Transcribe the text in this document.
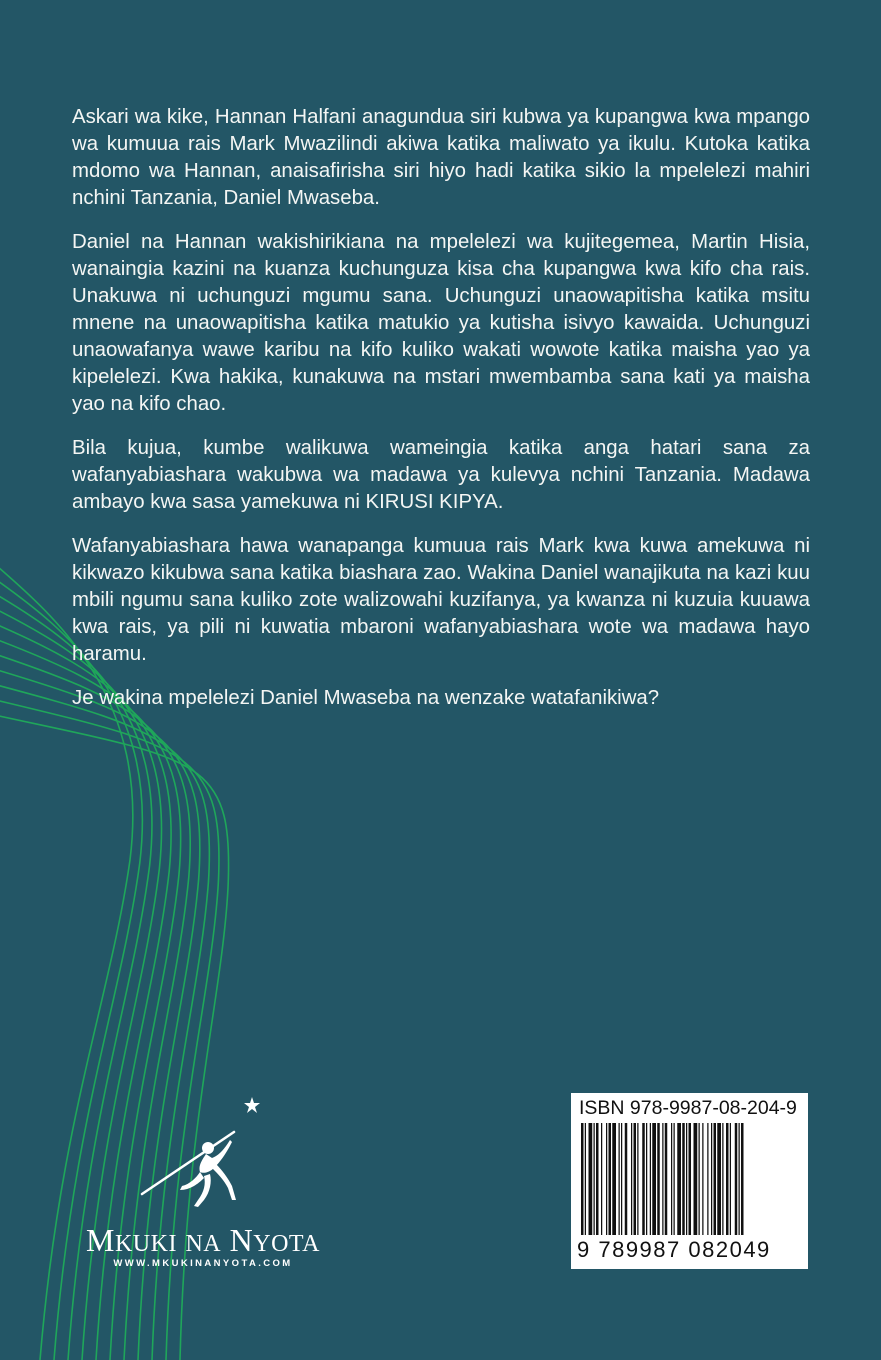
Askari wa kike, Hannan Halfani anagundua siri kubwa ya kupangwa kwa mpango wa kumuua rais Mark Mwazilindi akiwa katika maliwato ya ikulu. Kutoka katika mdomo wa Hannan, anaisafirisha siri hiyo hadi katika sikio la mpelelezi mahiri nchini Tanzania, Daniel Mwaseba.

Daniel na Hannan wakishirikiana na mpelelezi wa kujitegemea, Martin Hisia, wanaingia kazini na kuanza kuchunguza kisa cha kupangwa kwa kifo cha rais. Unakuwa ni uchunguzi mgumu sana. Uchunguzi unaowapitisha katika msitu mnene na unaowapitisha katika matukio ya kutisha isivyo kawaida. Uchunguzi unaowafanya wawe karibu na kifo kuliko wakati wowote katika maisha yao ya kipelelezi. Kwa hakika, kunakuwa na mstari mwembamba sana kati ya maisha yao na kifo chao.

Bila kujua, kumbe walikuwa wameingia katika anga hatari sana za wafanyabiashara wakubwa wa madawa ya kulevya nchini Tanzania. Madawa ambayo kwa sasa yamekuwa ni KIRUSI KIPYA.

Wafanyabiashara hawa wanapanga kumuua rais Mark kwa kuwa amekuwa ni kikwazo kikubwa sana katika biashara zao. Wakina Daniel wanajikuta na kazi kuu mbili ngumu sana kuliko zote walizowahi kuzifanya, ya kwanza ni kuzuia kuuawa kwa rais, ya pili ni kuwatia mbaroni wafanyabiashara wote wa madawa hayo haramu.

Je wakina mpelelezi Daniel Mwaseba na wenzake watafanikiwa?

MKUKI NA NYOTA
WWW.MKUKINANYOTA.COM
ISBN 978-9987-08-204-9
9 789987 082049
